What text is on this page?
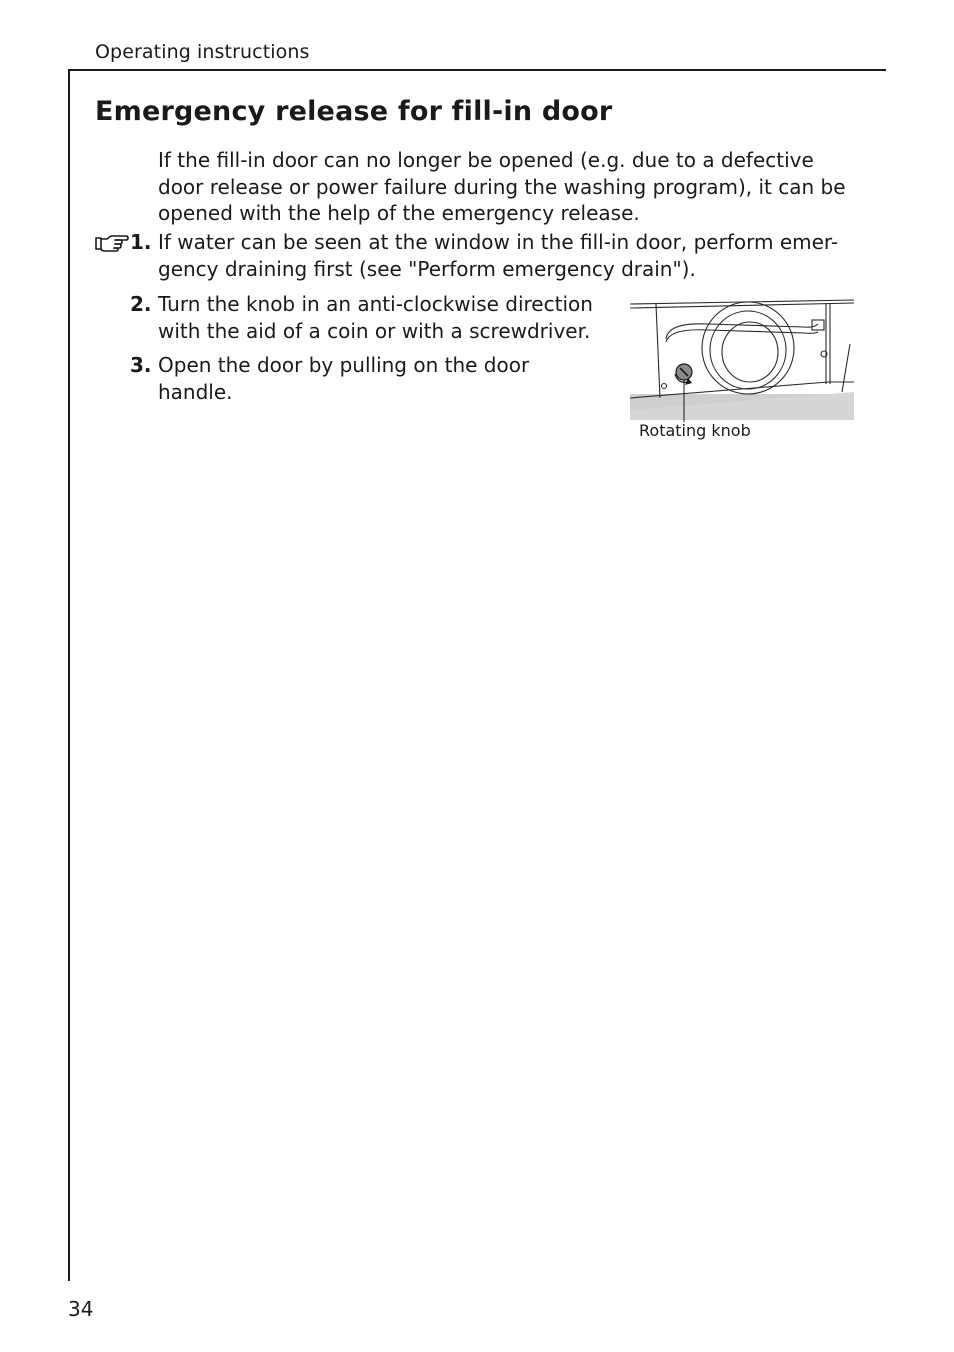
Operating instructions
Emergency release for fill-in door

If the fill-in door can no longer be opened (e.g. due to a defective door release or power failure during the washing program), it can be opened with the help of the emergency release.

1. If water can be seen at the window in the fill-in door, perform emer-gency draining first (see "Perform emergency drain").
2. Turn the knob in an anti-clockwise direction with the aid of a coin or with a screwdriver.
3. Open the door by pulling on the door handle.
Rotating knob
34
